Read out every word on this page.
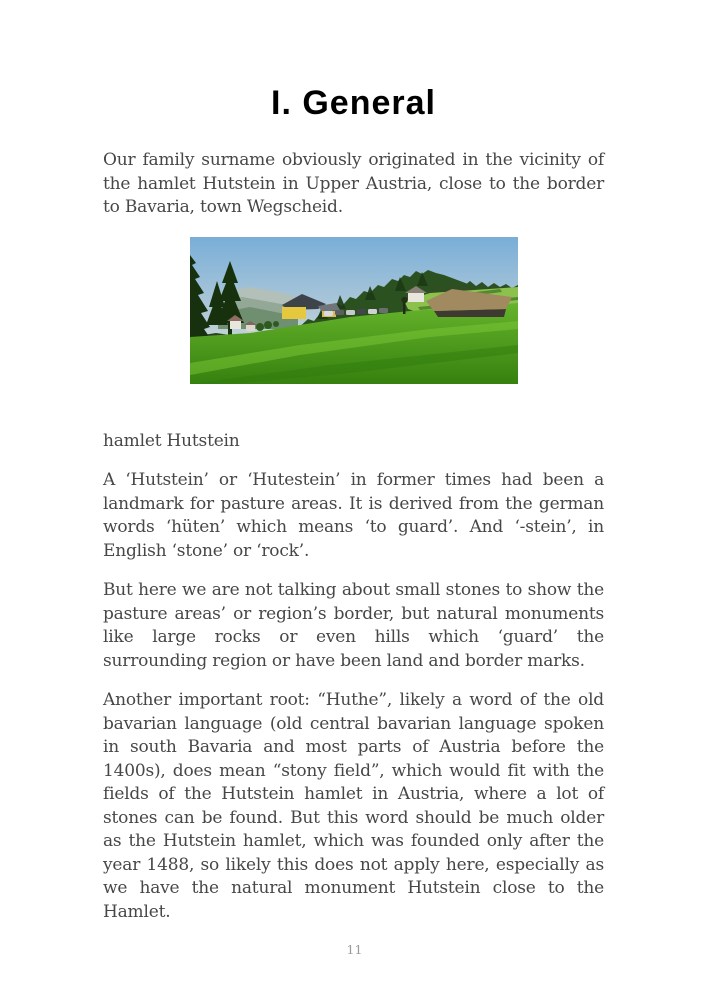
I. General

Our family surname obviously originated in the vicinity of the hamlet Hutstein in Upper Austria, close to the border to Bavaria, town Wegscheid.

hamlet Hutstein

A ‘Hutstein’ or ‘Hutestein’ in former times had been a landmark for pasture areas. It is derived from the german words ‘hüten’ which means ‘to guard’. And ‘-stein’, in English ‘stone’ or ‘rock’.

But here we are not talking about small stones to show the pasture areas’ or region’s border, but natural monuments like large rocks or even hills which ‘guard’ the surrounding region or have been land and border marks.

Another important root: “Huthe”, likely a word of the old bavarian language (old central bavarian language spoken in south Bavaria and most parts of Austria before the 1400s), does mean “stony field”, which would fit with the fields of the Hutstein hamlet in Austria, where a lot of stones can be found. But this word should be much older as the Hutstein hamlet, which was founded only after the year 1488, so likely this does not apply here, especially as we have the natural monument Hutstein close to the Hamlet.

11
